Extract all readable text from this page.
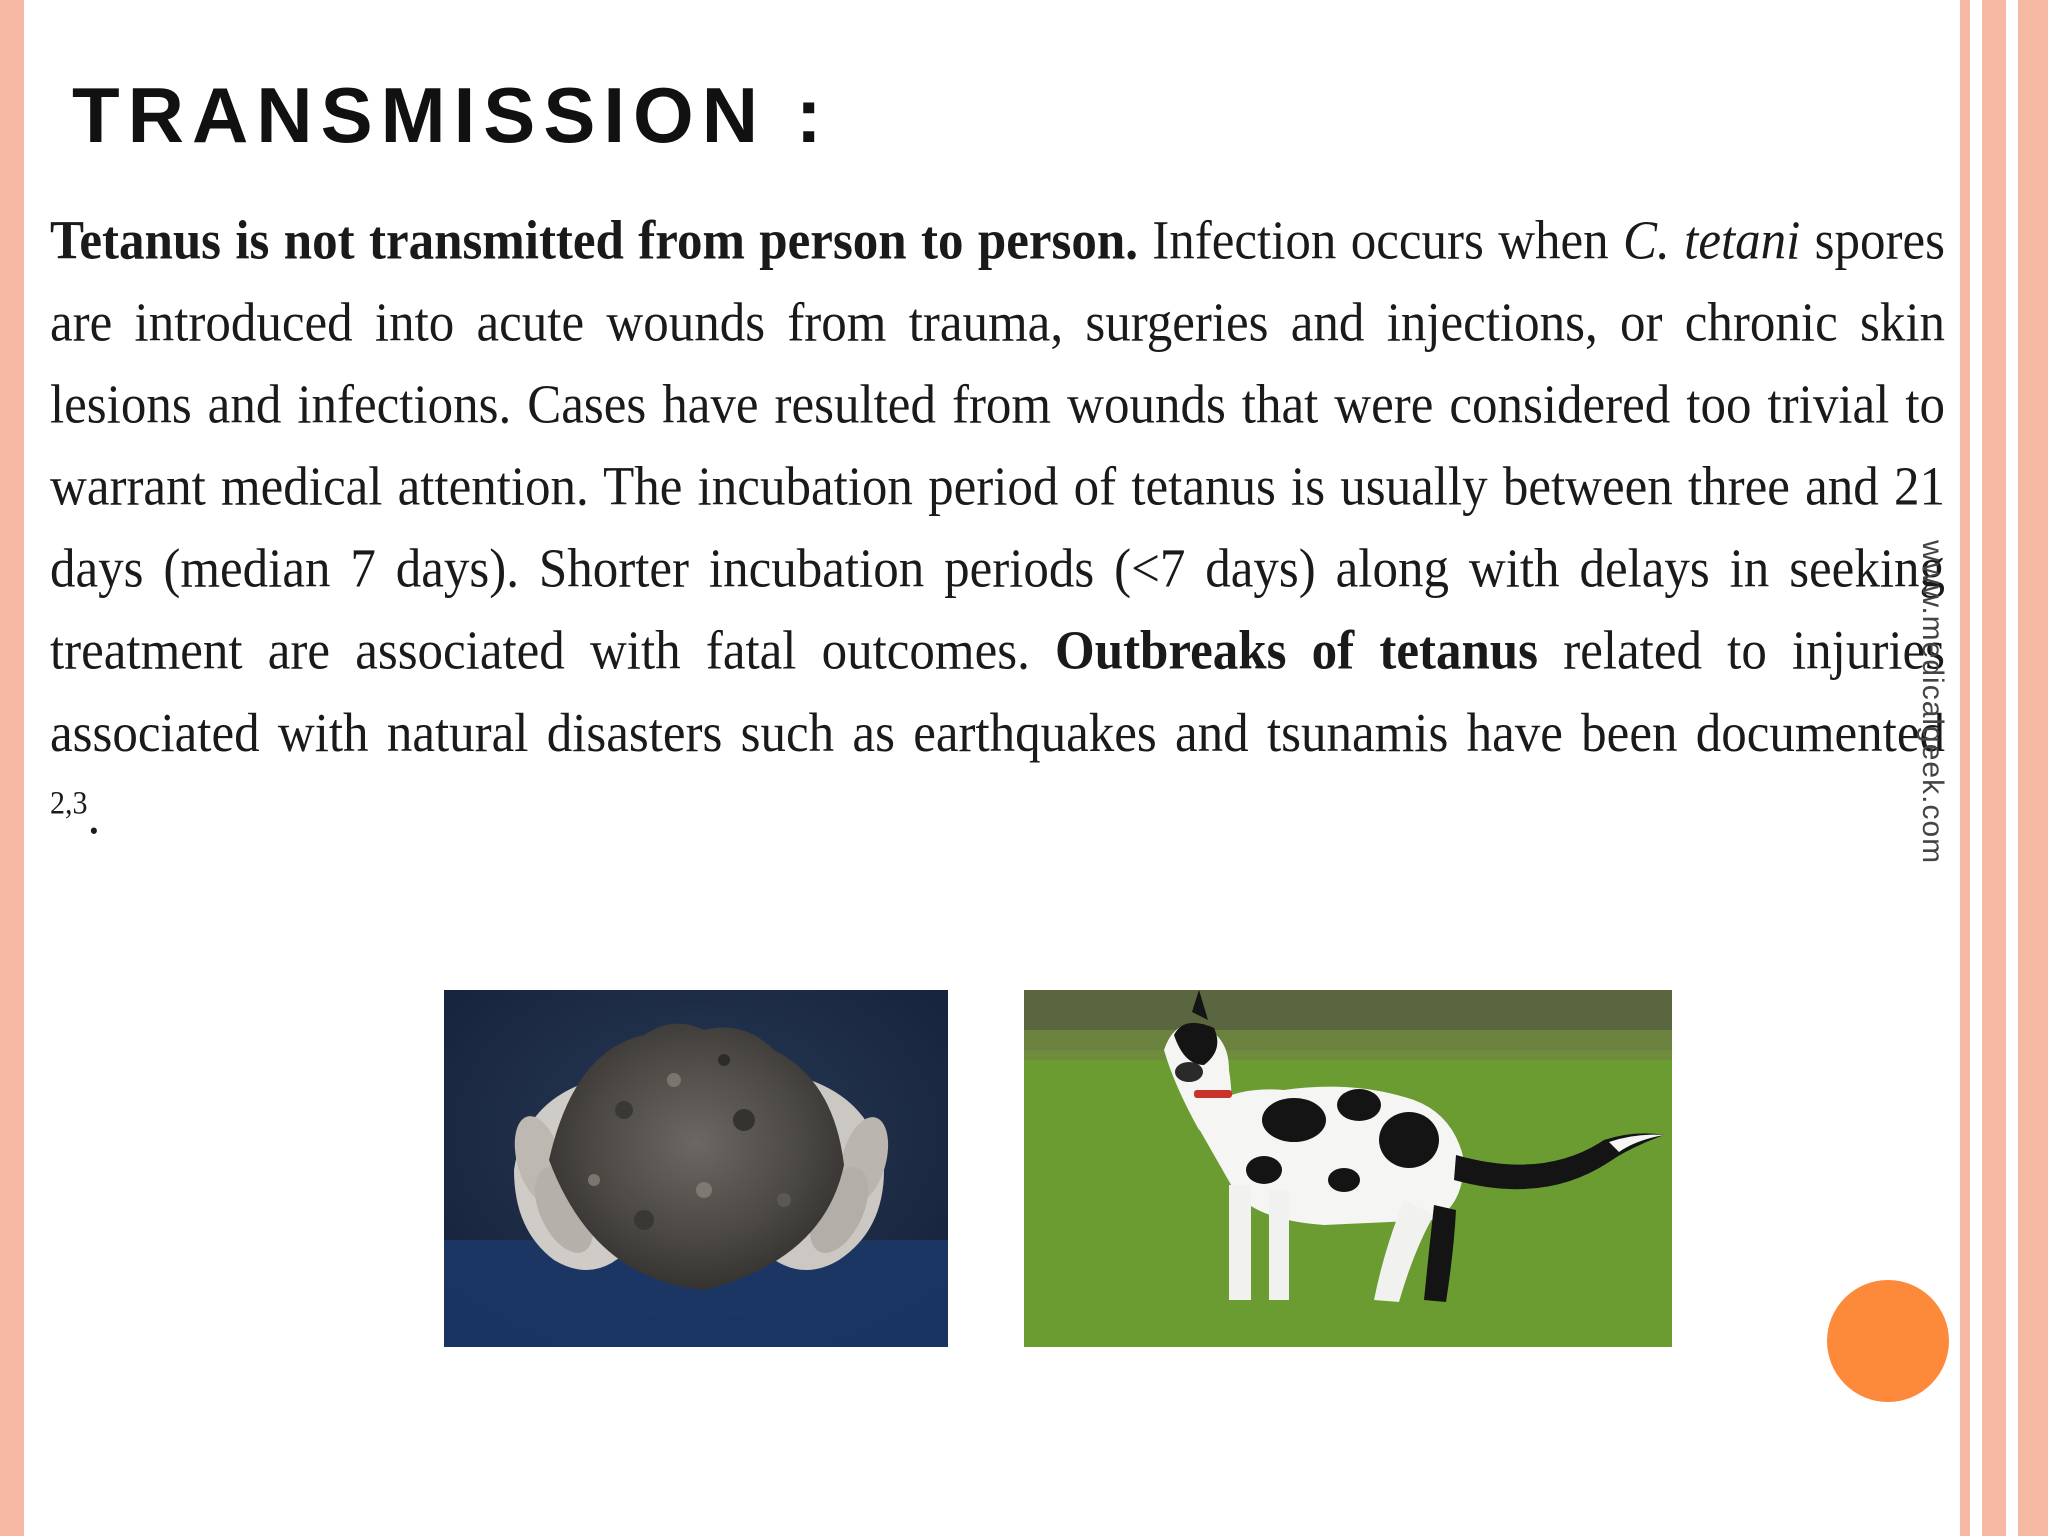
TRANSMISSION :

Tetanus is not transmitted from person to person. Infection occurs when C. tetani spores are introduced into acute wounds from trauma, surgeries and injections, or chronic skin lesions and infections. Cases have resulted from wounds that were considered too trivial to warrant medical attention. The incubation period of tetanus is usually between three and 21 days (median 7 days). Shorter incubation periods (<7 days) along with delays in seeking treatment are associated with fatal outcomes. Outbreaks of tetanus related to injuries associated with natural disasters such as earthquakes and tsunamis have been documented $^{2,3}$.	www.medicalgeek.com
